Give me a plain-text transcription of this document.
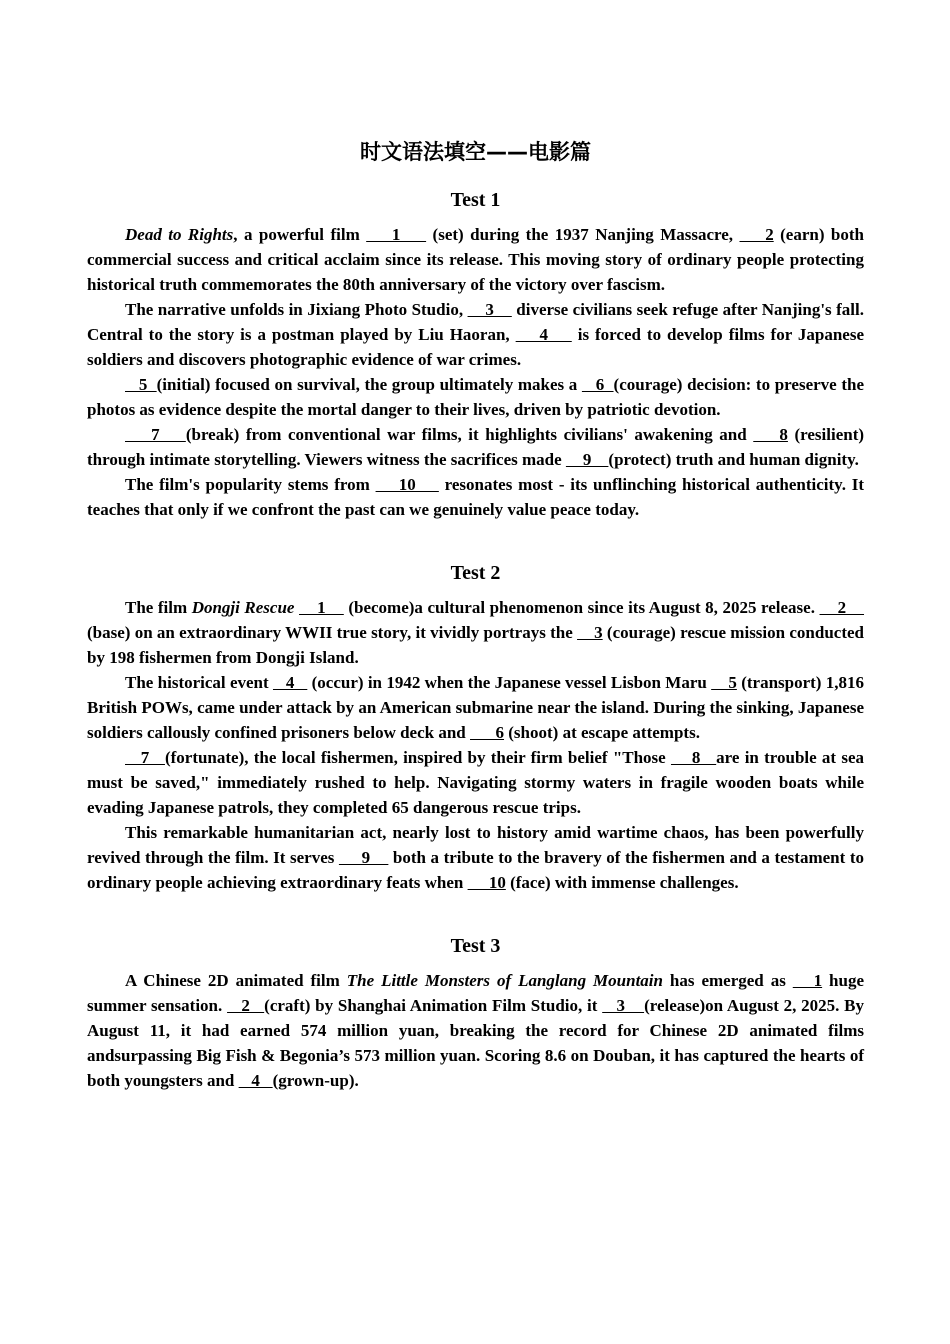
时文语法填空——电影篇
Test 1

Dead to Rights, a powerful film     1     (set) during the 1937 Nanjing Massacre,     2 (earn) both commercial success and critical acclaim since its release. This moving story of ordinary people protecting historical truth commemorates the 80th anniversary of the victory over fascism.

The narrative unfolds in Jixiang Photo Studio,     3     diverse civilians seek refuge after Nanjing's fall. Central to the story is a postman played by Liu Haoran,     4     is forced to develop films for Japanese soldiers and discovers photographic evidence of war crimes.

5  (initial) focused on survival, the group ultimately makes a    6  (courage) decision: to preserve the photos as evidence despite the mortal danger to their lives, driven by patriotic devotion.

7    (break) from conventional war films, it highlights civilians' awakening and     8 (resilient) through intimate storytelling. Viewers witness the sacrifices made     9    (protect) truth and human dignity.

The film's popularity stems from     10     resonates most - its unflinching historical authenticity. It teaches that only if we confront the past can we genuinely value peace today.

Test 2

The film Dongji Rescue     1     (become)a cultural phenomenon since its August 8, 2025 release.     2     (base) on an extraordinary WWII true story, it vividly portrays the     3 (courage) rescue mission conducted by 198 fishermen from Dongji Island.

The historical event    4    (occur) in 1942 when the Japanese vessel Lisbon Maru     5 (transport) 1,816 British POWs, came under attack by an American submarine near the island. During the sinking, Japanese soldiers callously confined prisoners below deck and       6 (shoot) at escape attempts.

7   (fortunate), the local fishermen, inspired by their firm belief "Those     8   are in trouble at sea must be saved," immediately rushed to help. Navigating stormy waters in fragile wooden boats while evading Japanese patrols, they completed 65 dangerous rescue trips.

This remarkable humanitarian act, nearly lost to history amid wartime chaos, has been powerfully revived through the film. It serves      9     both a tribute to the bravery of the fishermen and a testament to ordinary people achieving extraordinary feats when      10 (face) with immense challenges.

Test 3

A Chinese 2D animated film The Little Monsters of Langlang Mountain has emerged as    1 huge summer sensation.    2   (craft) by Shanghai Animation Film Studio, it    3    (release)on August 2, 2025. By August 11, it had earned 574 million yuan, breaking the record for Chinese 2D animated films andsurpassing Big Fish & Begonia’s 573 million yuan. Scoring 8.6 on Douban, it has captured the hearts of both youngsters and    4   (grown-up).
